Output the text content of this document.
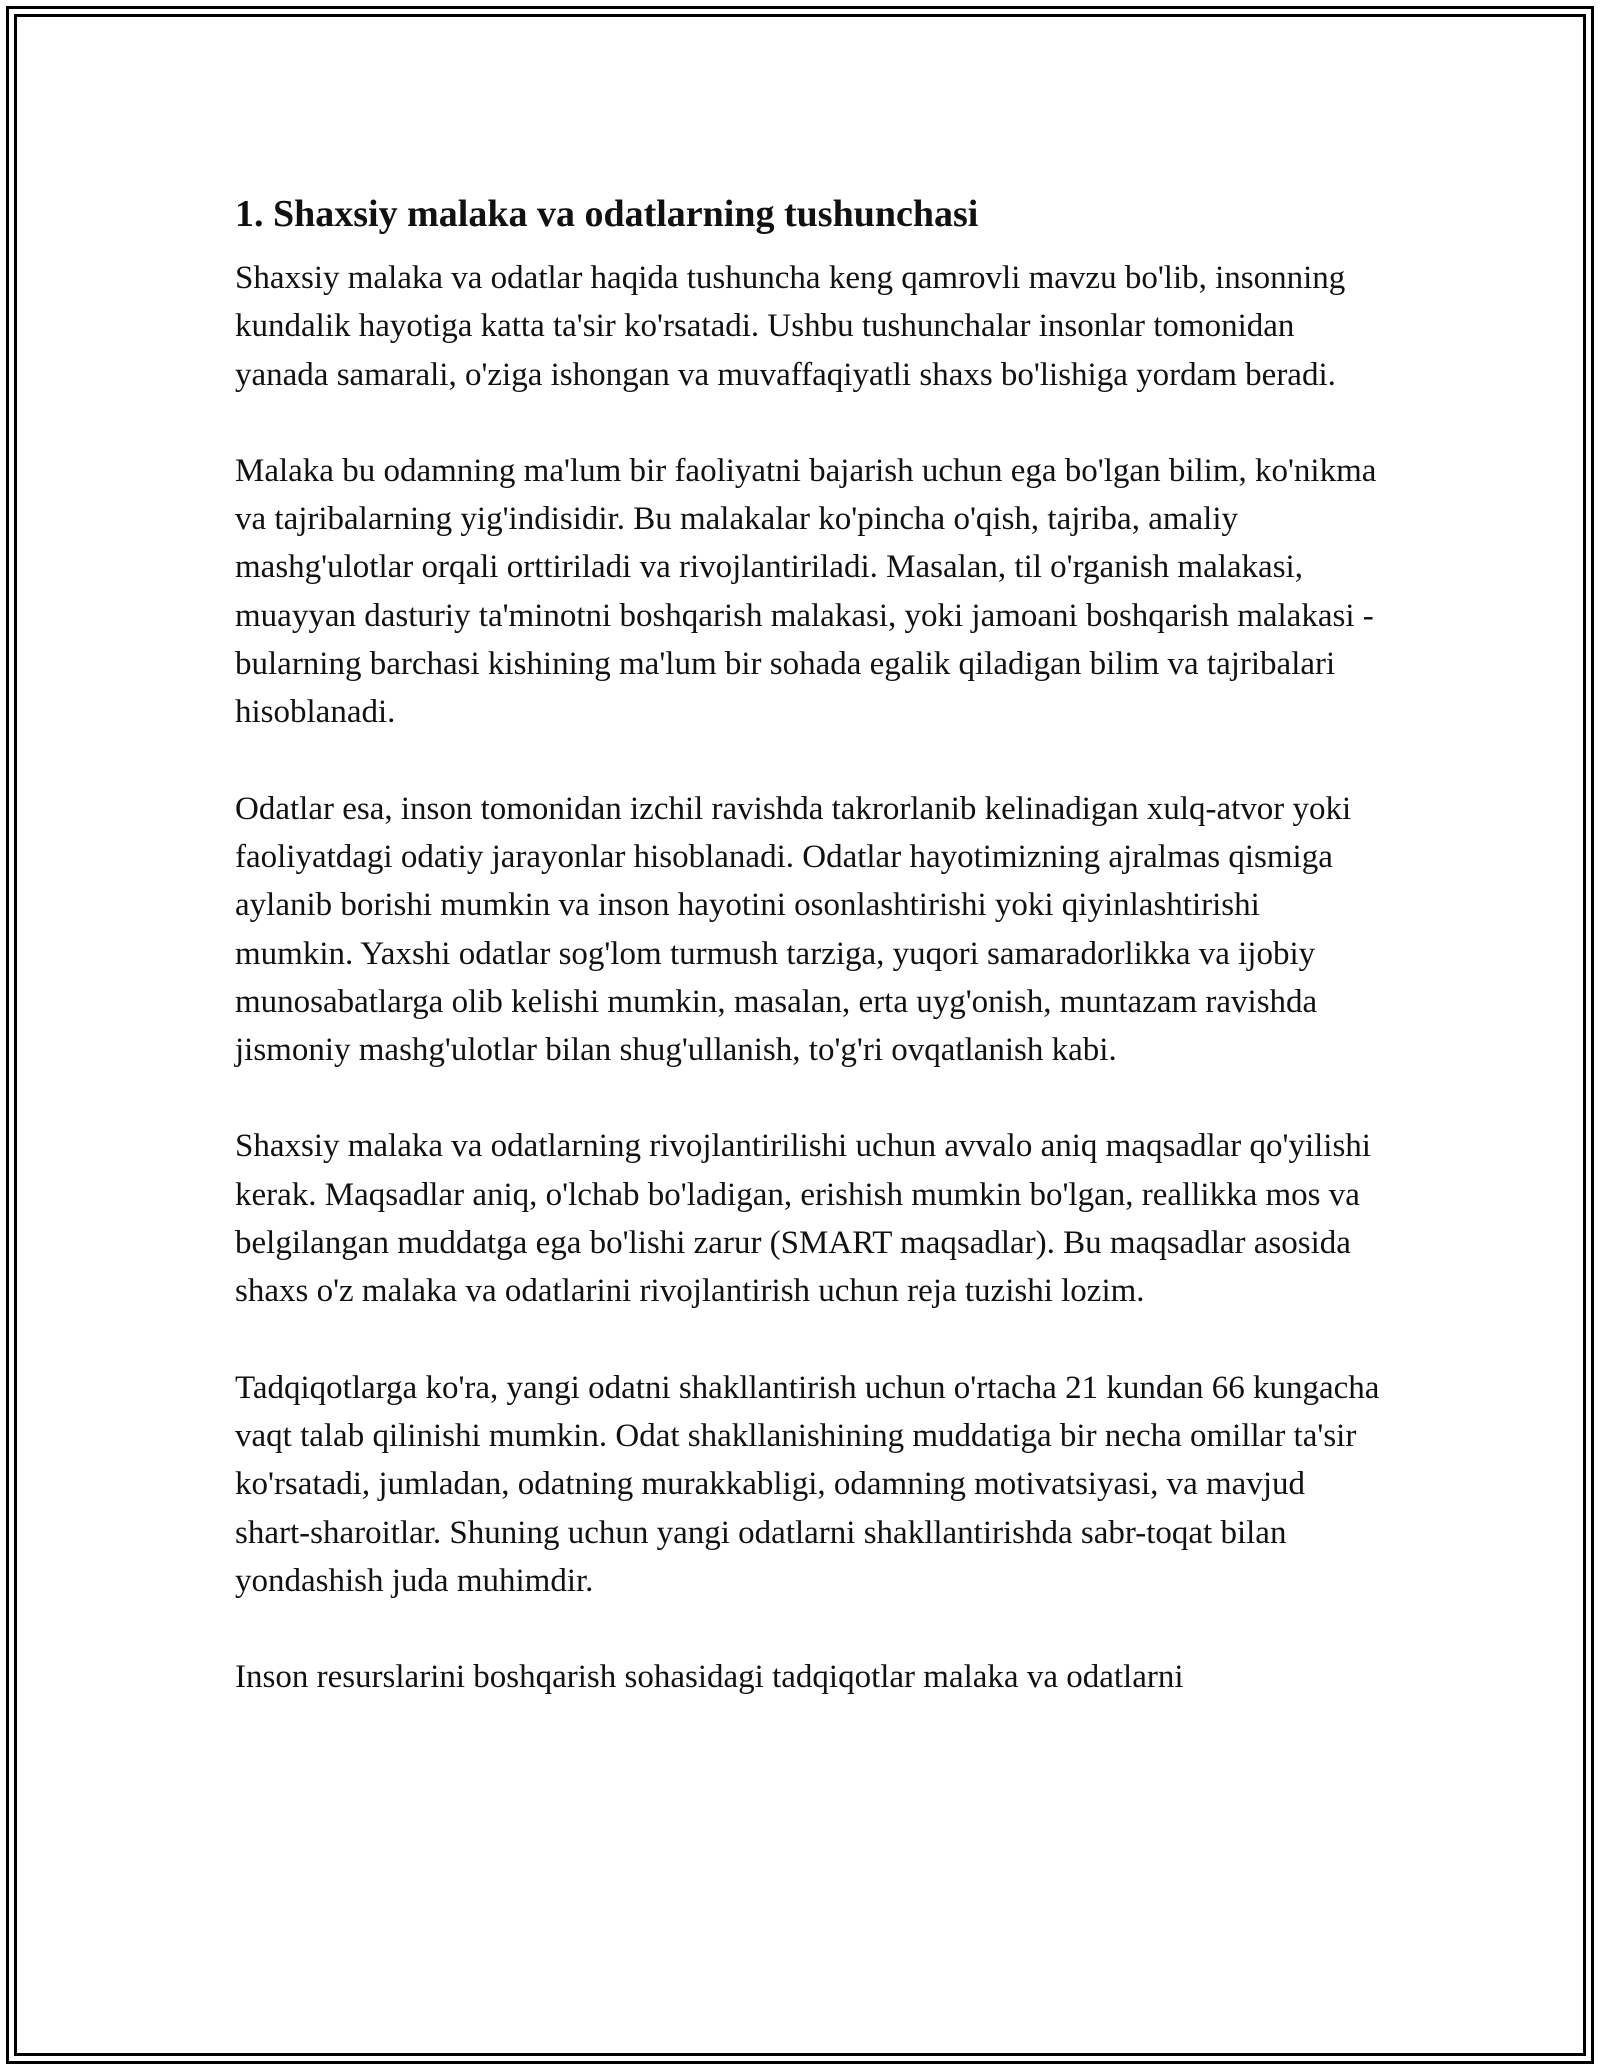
1. Shaxsiy malaka va odatlarning tushunchasi

Shaxsiy malaka va odatlar haqida tushuncha keng qamrovli mavzu bo'lib, insonning kundalik hayotiga katta ta'sir ko'rsatadi. Ushbu tushunchalar insonlar tomonidan yanada samarali, o'ziga ishongan va muvaffaqiyatli shaxs bo'lishiga yordam beradi.

Malaka bu odamning ma'lum bir faoliyatni bajarish uchun ega bo'lgan bilim, ko'nikma va tajribalarning yig'indisidir. Bu malakalar ko'pincha o'qish, tajriba, amaliy mashg'ulotlar orqali orttiriladi va rivojlantiriladi. Masalan, til o'rganish malakasi, muayyan dasturiy ta'minotni boshqarish malakasi, yoki jamoani boshqarish malakasi - bularning barchasi kishining ma'lum bir sohada egalik qiladigan bilim va tajribalari hisoblanadi.

Odatlar esa, inson tomonidan izchil ravishda takrorlanib kelinadigan xulq-atvor yoki faoliyatdagi odatiy jarayonlar hisoblanadi. Odatlar hayotimizning ajralmas qismiga aylanib borishi mumkin va inson hayotini osonlashtirishi yoki qiyinlashtirishi mumkin. Yaxshi odatlar sog'lom turmush tarziga, yuqori samaradorlikka va ijobiy munosabatlarga olib kelishi mumkin, masalan, erta uyg'onish, muntazam ravishda jismoniy mashg'ulotlar bilan shug'ullanish, to'g'ri ovqatlanish kabi.

Shaxsiy malaka va odatlarning rivojlantirilishi uchun avvalo aniq maqsadlar qo'yilishi kerak. Maqsadlar aniq, o'lchab bo'ladigan, erishish mumkin bo'lgan, reallikka mos va belgilangan muddatga ega bo'lishi zarur (SMART maqsadlar). Bu maqsadlar asosida shaxs o'z malaka va odatlarini rivojlantirish uchun reja tuzishi lozim.

Tadqiqotlarga ko'ra, yangi odatni shakllantirish uchun o'rtacha 21 kundan 66 kungacha vaqt talab qilinishi mumkin. Odat shakllanishining muddatiga bir necha omillar ta'sir ko'rsatadi, jumladan, odatning murakkabligi, odamning motivatsiyasi, va mavjud shart-sharoitlar. Shuning uchun yangi odatlarni shakllantirishda sabr-toqat bilan yondashish juda muhimdir.

Inson resurslarini boshqarish sohasidagi tadqiqotlar malaka va odatlarni
